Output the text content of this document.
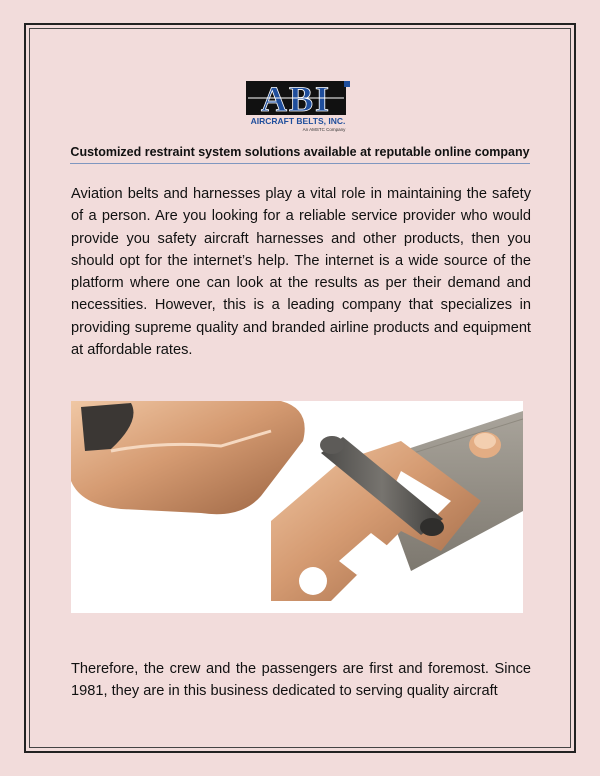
ABI
AIRCRAFT BELTS, INC.
An AMSTC Company
Customized restraint system solutions available at reputable online company

Aviation belts and harnesses play a vital role in maintaining the safety of a person. Are you looking for a reliable service provider who would provide you safety aircraft harnesses and other products, then you should opt for the internet’s help. The internet is a wide source of the platform where one can look at the results as per their demand and necessities. However, this is a leading company that specializes in providing supreme quality and branded airline products and equipment at affordable rates.

Therefore, the crew and the passengers are first and foremost. Since 1981, they are in this business dedicated to serving quality aircraft
